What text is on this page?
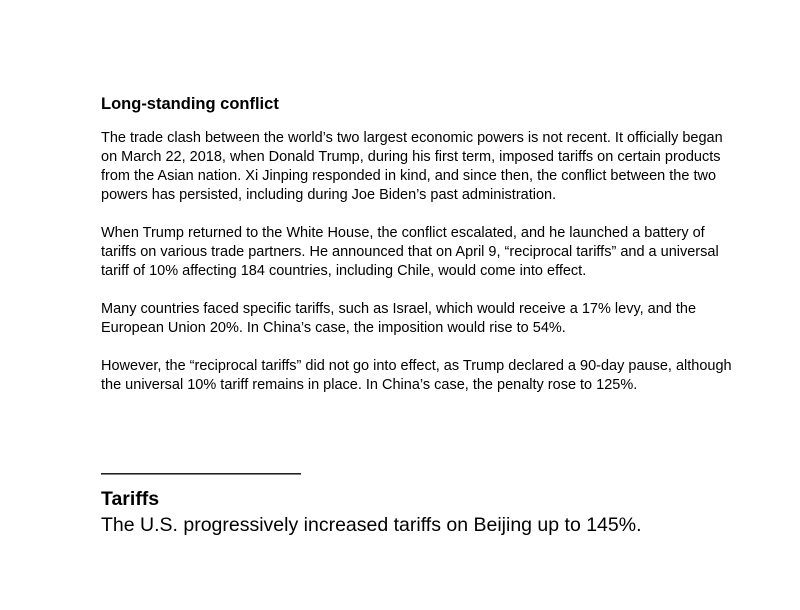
Long-standing conflict

The trade clash between the world’s two largest economic powers is not recent. It officially began on March 22, 2018, when Donald Trump, during his first term, imposed tariffs on certain products from the Asian nation. Xi Jinping responded in kind, and since then, the conflict between the two powers has persisted, including during Joe Biden’s past administration.

When Trump returned to the White House, the conflict escalated, and he launched a battery of tariffs on various trade partners. He announced that on April 9, “reciprocal tariffs” and a universal tariff of 10% affecting 184 countries, including Chile, would come into effect.

Many countries faced specific tariffs, such as Israel, which would receive a 17% levy, and the European Union 20%. In China’s case, the imposition would rise to 54%.

However, the “reciprocal tariffs” did not go into effect, as Trump declared a 90-day pause, although the universal 10% tariff remains in place. In China’s case, the penalty rose to 125%.

——————————
Tariffs
The U.S. progressively increased tariffs on Beijing up to 145%.
